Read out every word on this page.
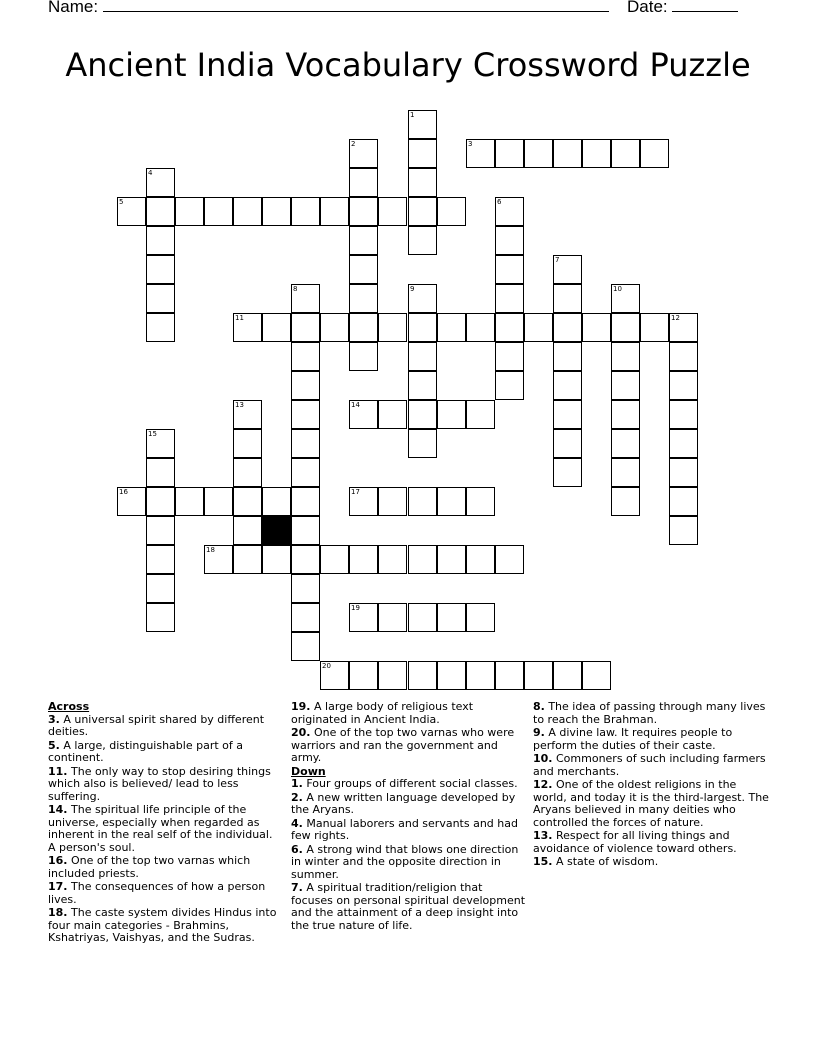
Name:	Date:
Ancient India Vocabulary Crossword Puzzle
1
2	3
4
5	6
7
8	9	10
11	12
13	14
15
16	17
18
19
20
Across
3. A universal spirit shared by different deities.
5. A large, distinguishable part of a continent.
11. The only way to stop desiring things which also is believed/ lead to less suffering.
14. The spiritual life principle of the universe, especially when regarded as inherent in the real self of the individual. A person's soul.
16. One of the top two varnas which included priests.
17. The consequences of how a person lives.
18. The caste system divides Hindus into four main categories - Brahmins, Kshatriyas, Vaishyas, and the Sudras.
19. A large body of religious text originated in Ancient India.
20. One of the top two varnas who were warriors and ran the government and army.
Down
1. Four groups of different social classes.
2. A new written language developed by the Aryans.
4. Manual laborers and servants and had few rights.
6. A strong wind that blows one direction in winter and the opposite direction in summer.
7. A spiritual tradition/religion that focuses on personal spiritual development and the attainment of a deep insight into the true nature of life.
8. The idea of passing through many lives to reach the Brahman.
9. A divine law. It requires people to perform the duties of their caste.
10. Commoners of such including farmers and merchants.
12. One of the oldest religions in the world, and today it is the third-largest. The Aryans believed in many deities who controlled the forces of nature.
13. Respect for all living things and avoidance of violence toward others.
15. A state of wisdom.
